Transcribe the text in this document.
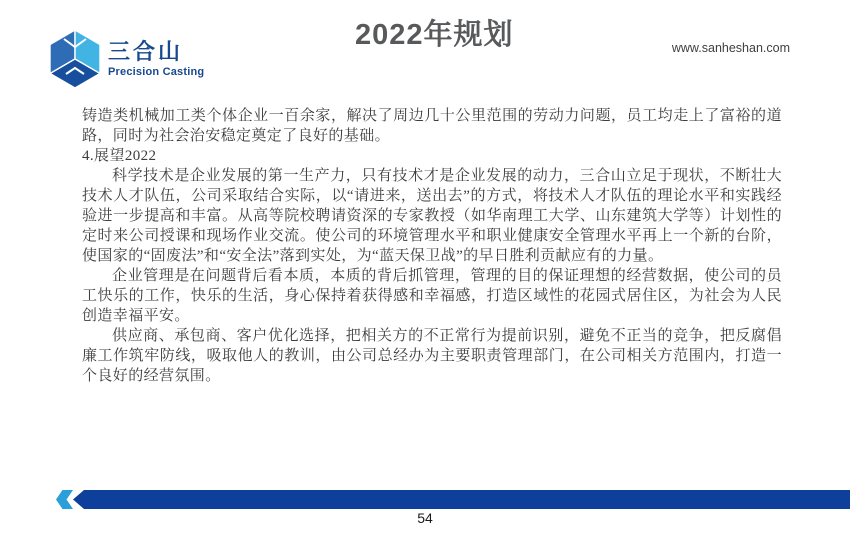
三合山
Precision Casting
2022年规划	www.sanheshan.com

铸造类机械加工类个体企业一百余家，解决了周边几十公里范围的劳动力问题，员工均走上了富裕的道路，同时为社会治安稳定奠定了良好的基础。

4.展望2022

科学技术是企业发展的第一生产力，只有技术才是企业发展的动力，三合山立足于现状，不断壮大技术人才队伍，公司采取结合实际，以“请进来，送出去”的方式，将技术人才队伍的理论水平和实践经验进一步提高和丰富。从高等院校聘请资深的专家教授（如华南理工大学、山东建筑大学等）计划性的定时来公司授课和现场作业交流。使公司的环境管理水平和职业健康安全管理水平再上一个新的台阶，使国家的“固废法”和“安全法”落到实处，为“蓝天保卫战”的早日胜利贡献应有的力量。

企业管理是在问题背后看本质，本质的背后抓管理，管理的目的保证理想的经营数据，使公司的员工快乐的工作，快乐的生活，身心保持着获得感和幸福感，打造区域性的花园式居住区，为社会为人民创造幸福平安。

供应商、承包商、客户优化选择，把相关方的不正常行为提前识别，避免不正当的竞争，把反腐倡廉工作筑牢防线，吸取他人的教训，由公司总经办为主要职责管理部门，在公司相关方范围内，打造一个良好的经营氛围。

54
